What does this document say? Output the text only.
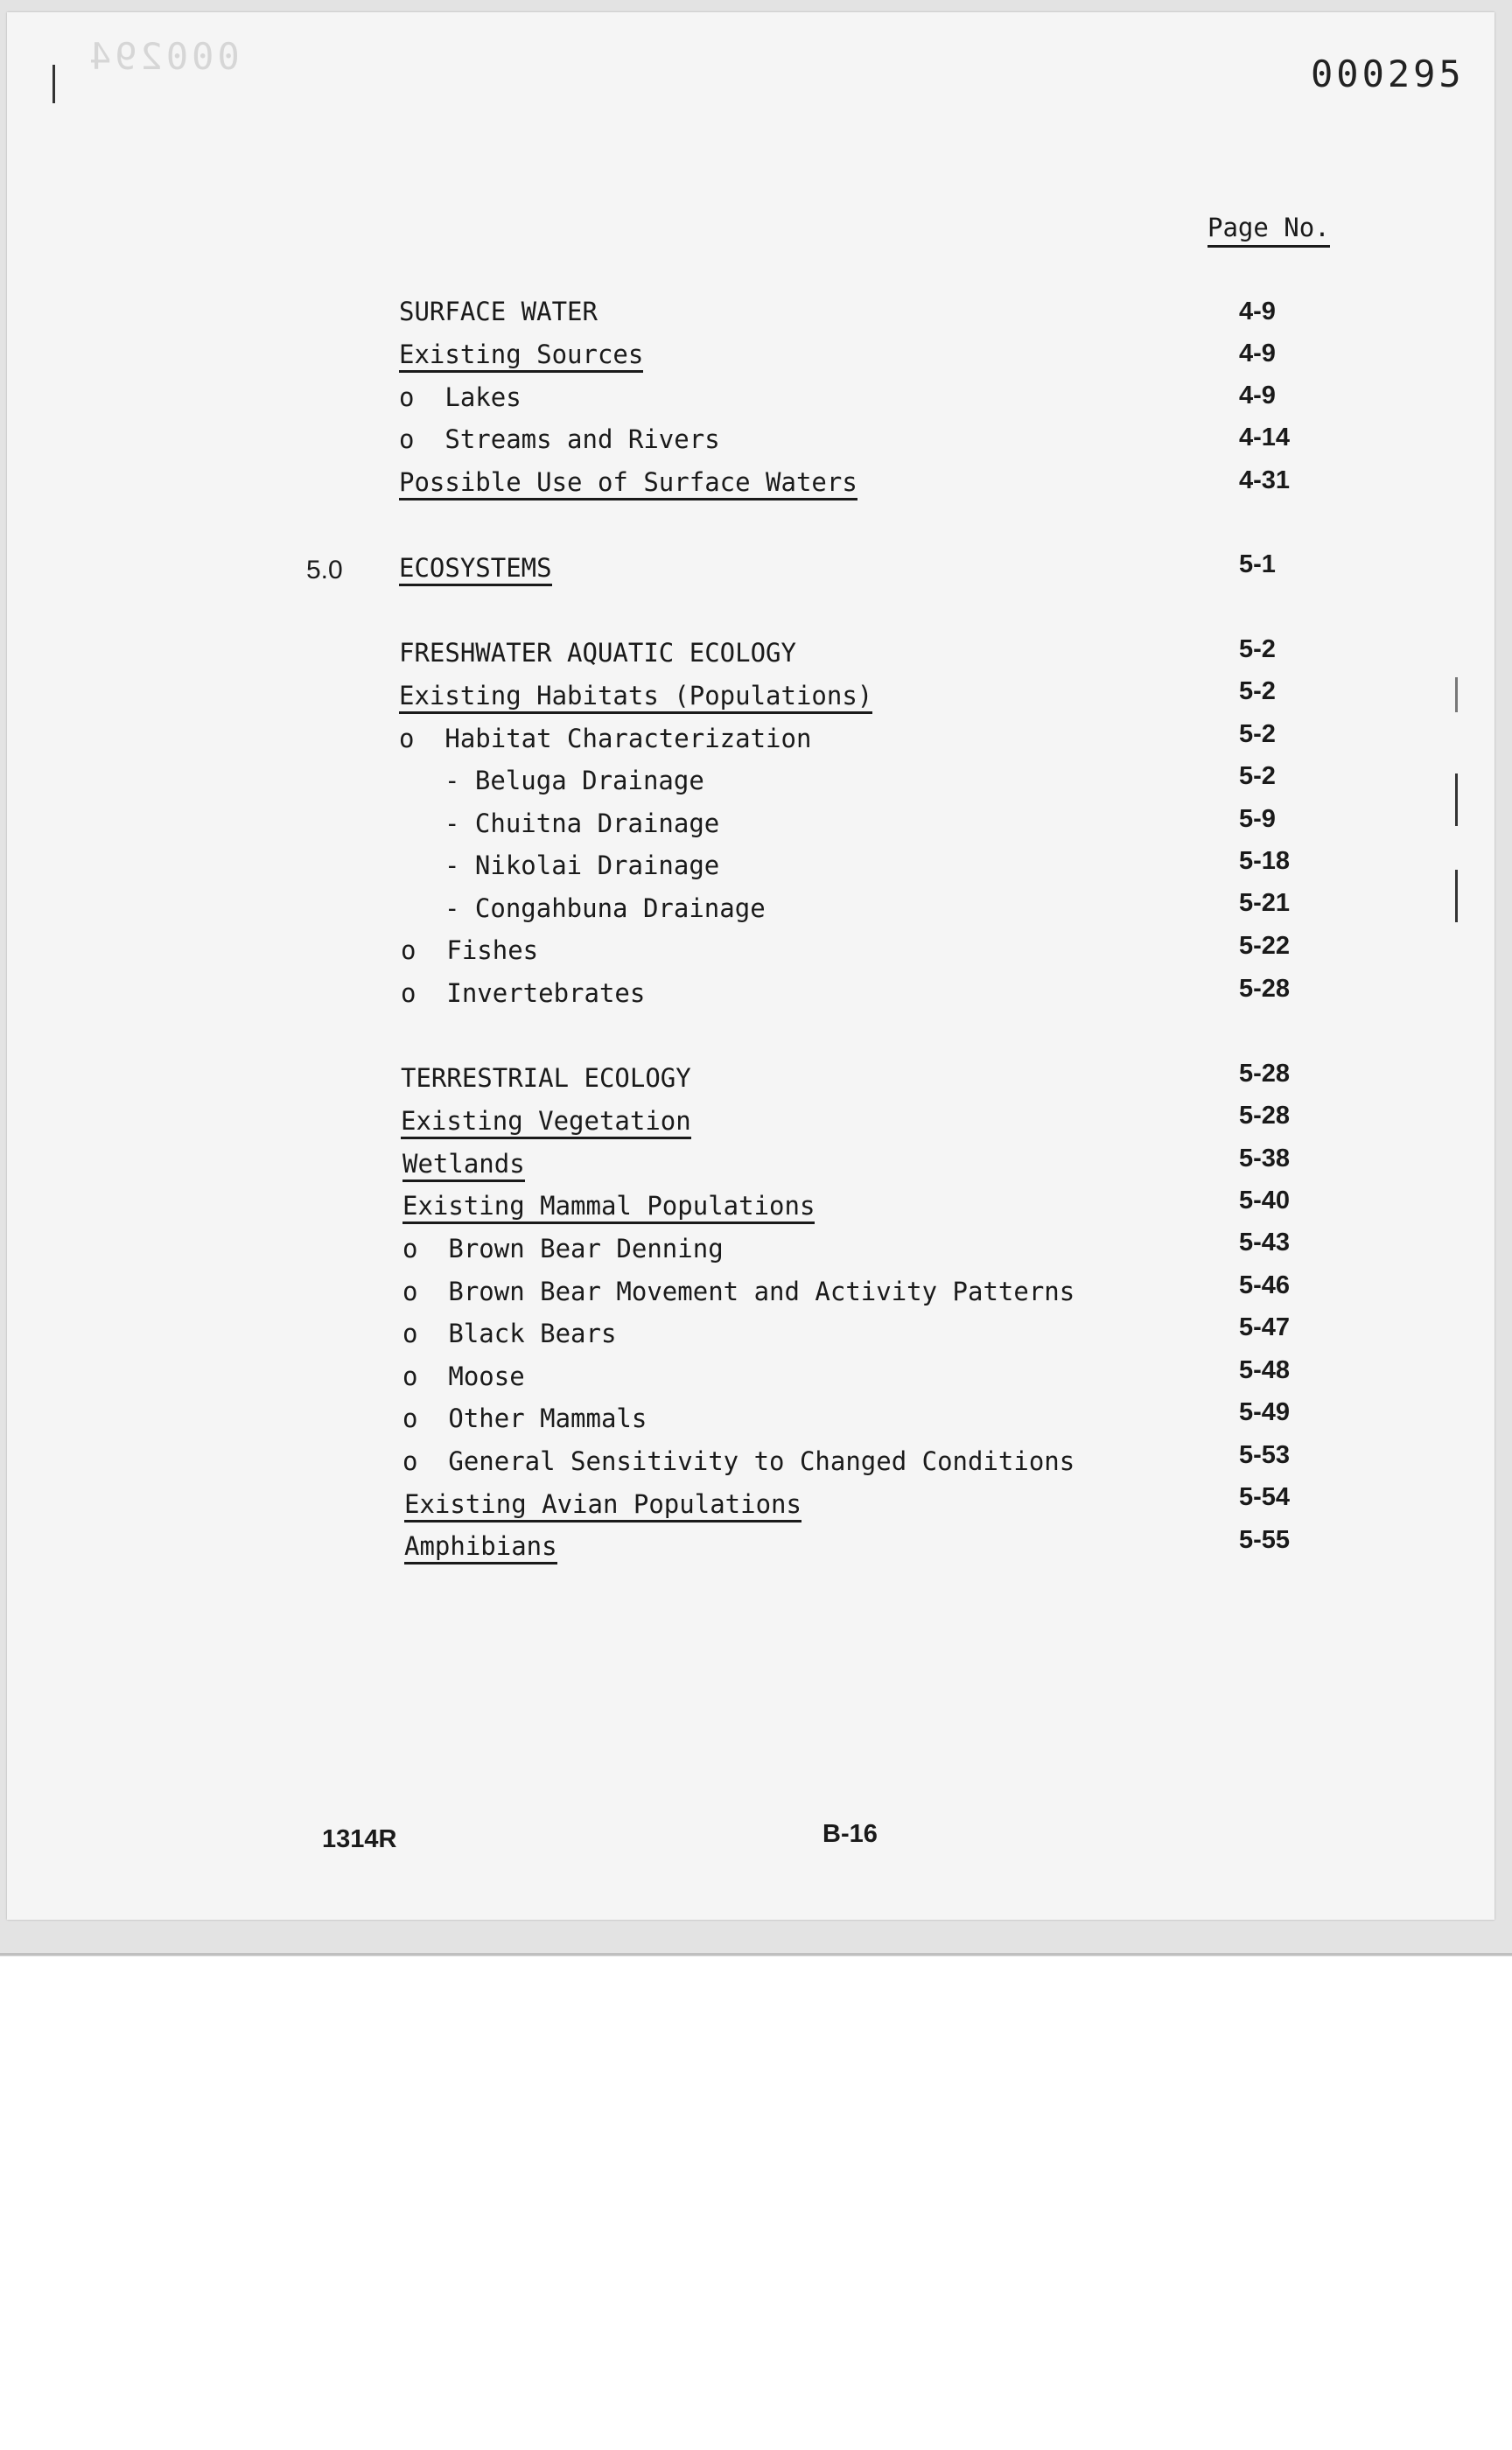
000294	000295
Page No.
5.0
SURFACE WATER
Existing Sources
o  Lakes
o  Streams and Rivers
Possible Use of Surface Waters
ECOSYSTEMS
FRESHWATER AQUATIC ECOLOGY
Existing Habitats (Populations)
o  Habitat Characterization
- Beluga Drainage
- Chuitna Drainage
- Nikolai Drainage
- Congahbuna Drainage
o  Fishes
o  Invertebrates
TERRESTRIAL ECOLOGY
Existing Vegetation
Wetlands
Existing Mammal Populations
o  Brown Bear Denning
o  Brown Bear Movement and Activity Patterns
o  Black Bears
o  Moose
o  Other Mammals
o  General Sensitivity to Changed Conditions
Existing Avian Populations
Amphibians
4-9
4-9
4-9
4-14
4-31
5-1
5-2
5-2
5-2
5-2
5-9
5-18
5-21
5-22
5-28
5-28
5-28
5-38
5-40
5-43
5-46
5-47
5-48
5-49
5-53
5-54
5-55
1314R	B-16
